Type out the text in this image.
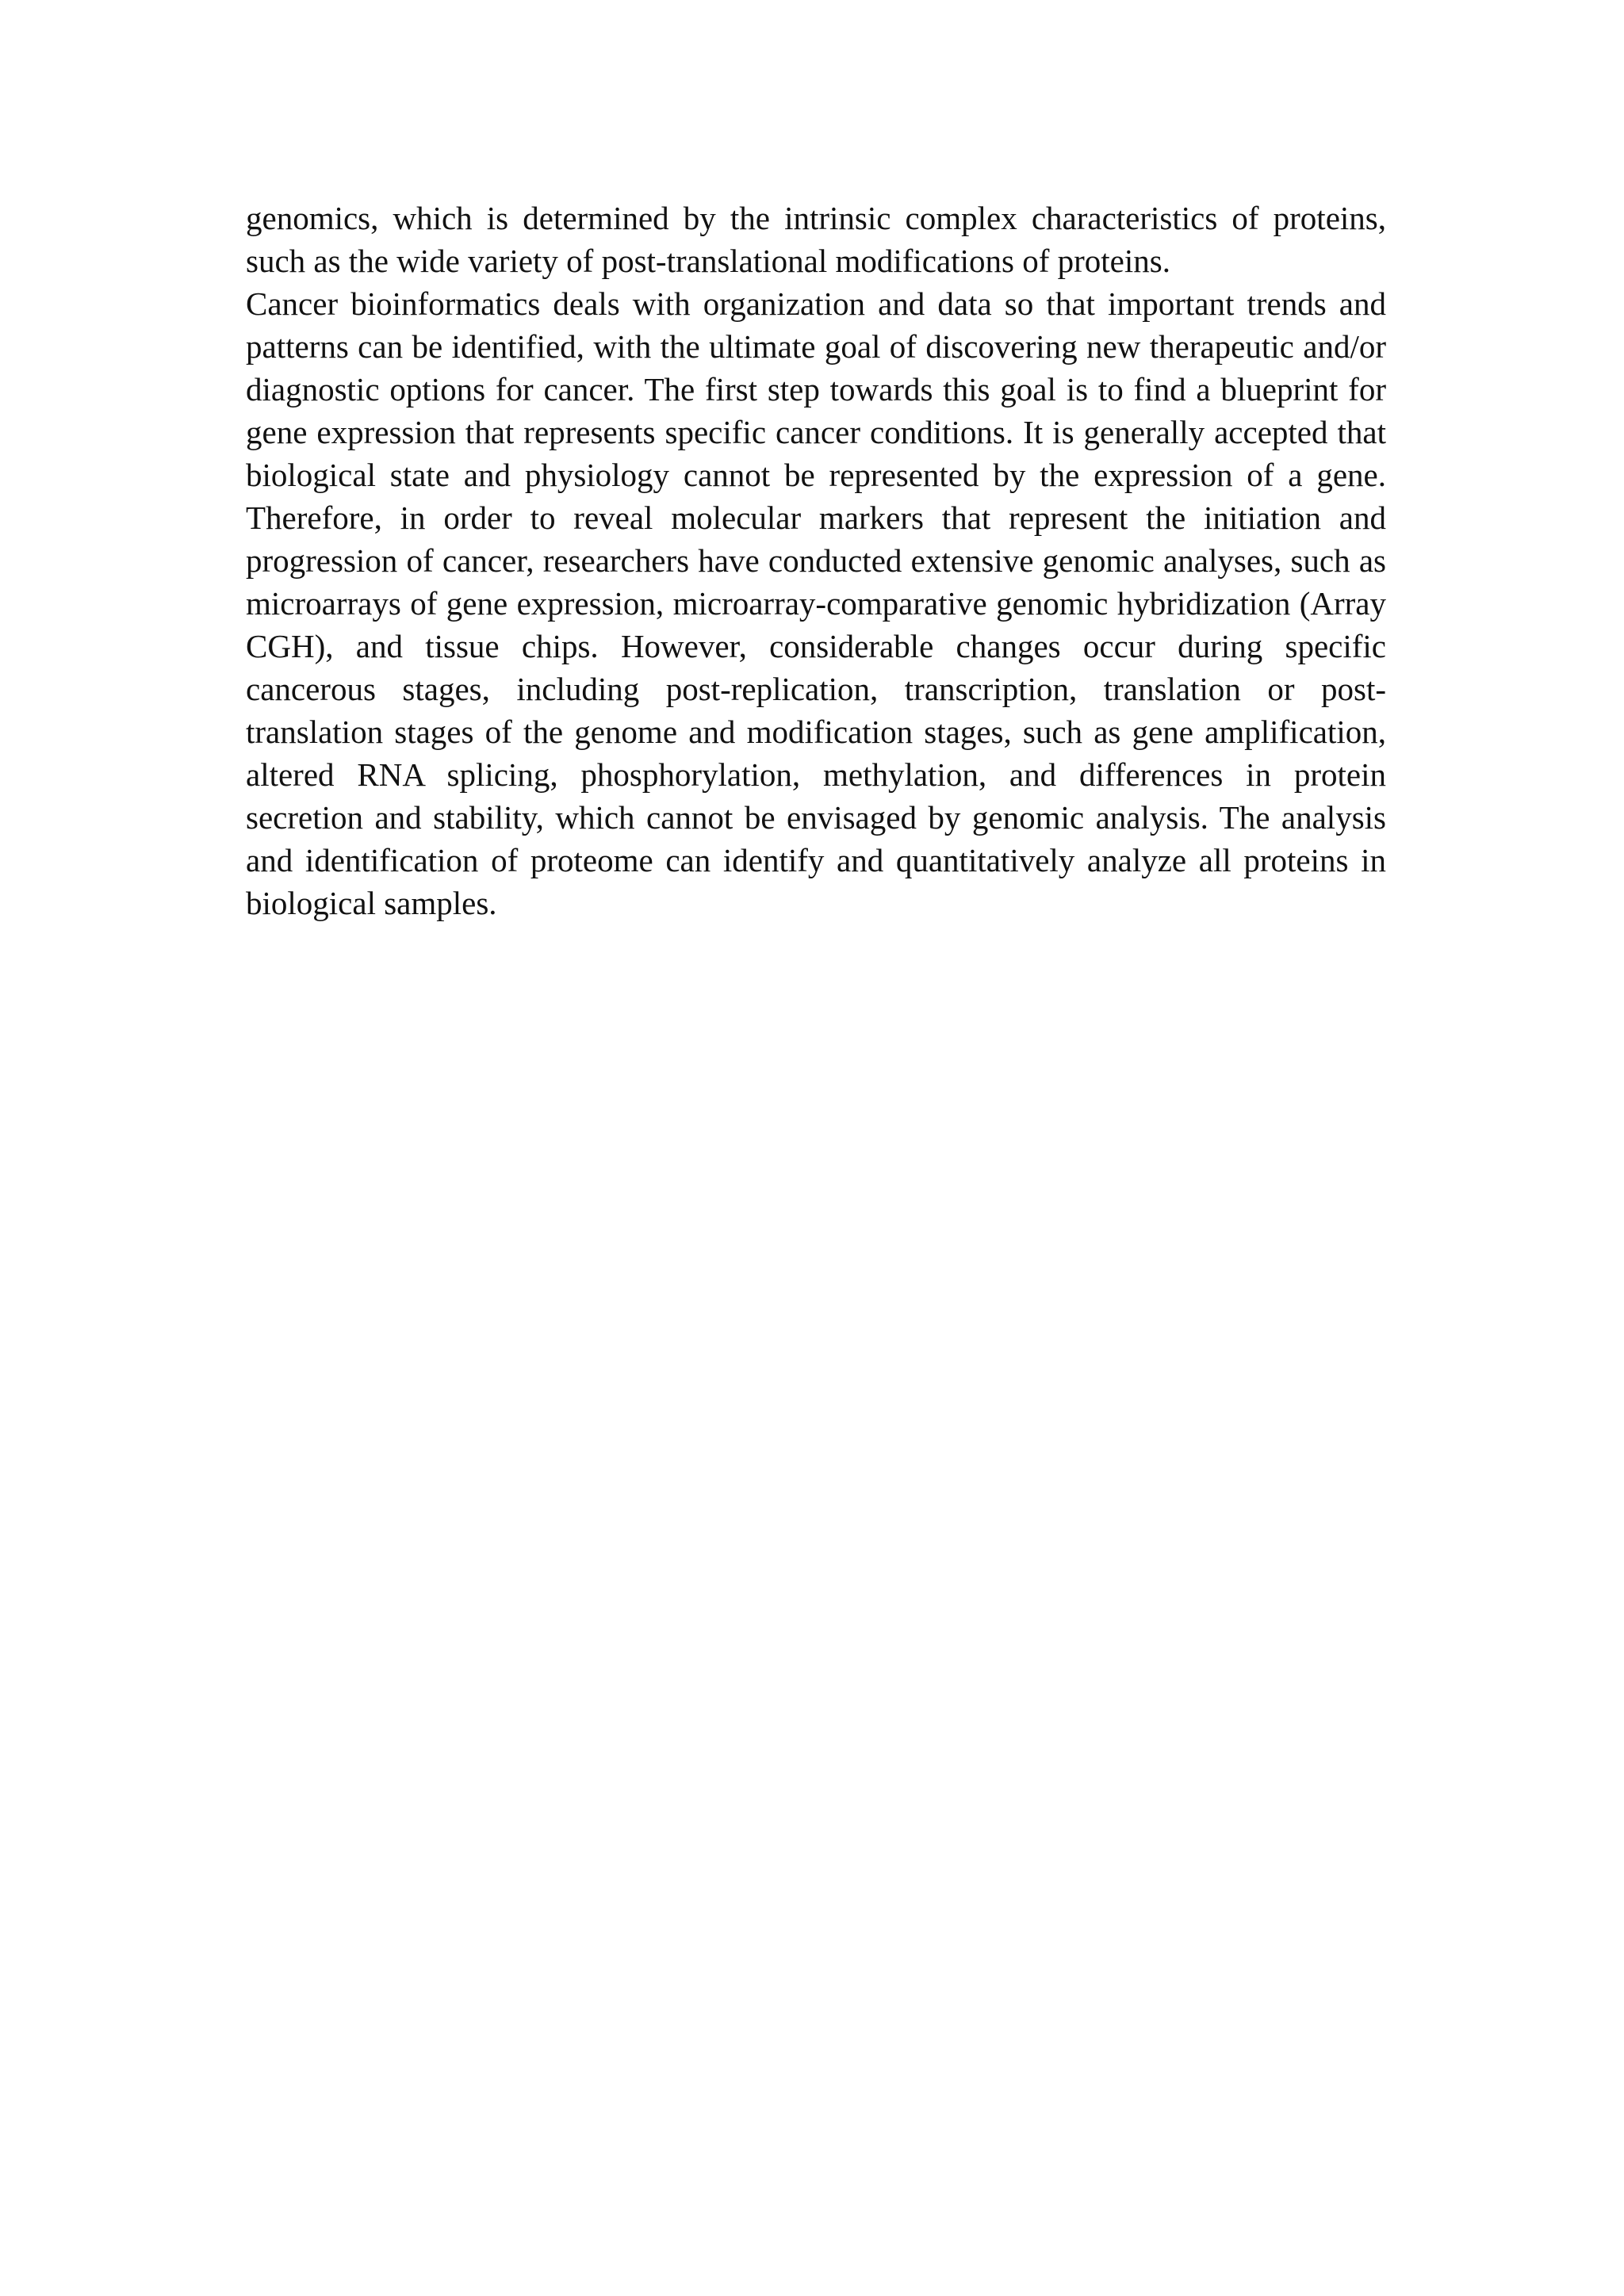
genomics, which is determined by the intrinsic complex characteristics of proteins, such as the wide variety of post-translational modifications of proteins.

Cancer bioinformatics deals with organization and data so that important trends and patterns can be identified, with the ultimate goal of discovering new therapeutic and/or diagnostic options for cancer. The first step towards this goal is to find a blueprint for gene expression that represents specific cancer conditions. It is generally accepted that biological state and physiology cannot be represented by the expression of a gene. Therefore, in order to reveal molecular markers that represent the initiation and progression of cancer, researchers have conducted extensive genomic analyses, such as microarrays of gene expression, microarray-comparative genomic hybridization (Array CGH), and tissue chips. However, considerable changes occur during specific cancerous stages, including post-replication, transcription, translation or post-translation stages of the genome and modification stages, such as gene amplification, altered RNA splicing, phosphorylation, methylation, and differences in protein secretion and stability, which cannot be envisaged by genomic analysis. The analysis and identification of proteome can identify and quantitatively analyze all proteins in biological samples.
